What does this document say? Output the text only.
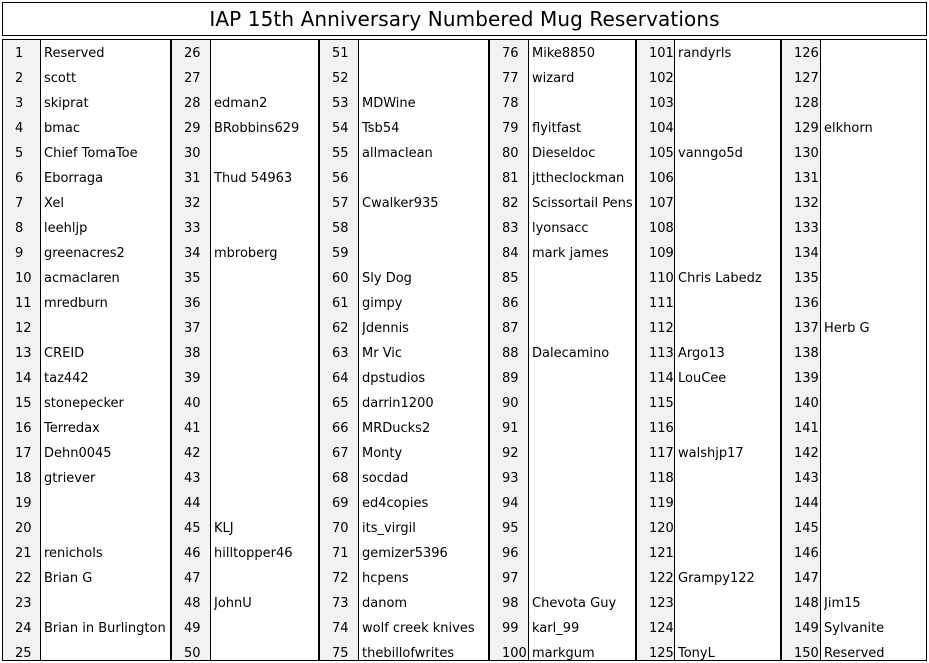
IAP 15th Anniversary Numbered Mug Reservations
1	Reserved
2	scott
3	skiprat
4	bmac
5	Chief TomaToe
6	Eborraga
7	Xel
8	leehljp
9	greenacres2
10 acmaclaren
11 mredburn
12
13 CREID
14 taz442
15 stonepecker
16 Terredax
17 Dehn0045
18 gtriever
19
20
21 renichols
22 Brian G
23
24 Brian in Burlington
25
26
27
28	edman2
29	BRobbins629
30
31	Thud 54963
32
33
34	mbroberg
35
36
37
38
39
40
41
42
43
44
45	KLJ
46	hilltopper46
47
48	JohnU
49
50
51
52
53	MDWine
54	Tsb54
55	allmaclean
56
57	Cwalker935
58
59
60	Sly Dog
61	gimpy
62	Jdennis
63	Mr Vic
64	dpstudios
65	darrin1200
66	MRDucks2
67	Monty
68	socdad
69	ed4copies
70	its_virgil
71	gemizer5396
72	hcpens
73	danom
74	wolf creek knives
75	thebillofwrites
76	Mike8850
77	wizard
78
79	flyitfast
80	Dieseldoc
81	jttheclockman
82	Scissortail Pens
83	lyonsacc
84	mark james
85
86
87
88	Dalecamino
89
90
91
92
93
94
95
96
97
98	Chevota Guy
99	karl_99
100 markgum
101 randyrls
102
103
104
105 vanngo5d
106
107
108
109
110 Chris Labedz
111
112
113 Argo13
114 LouCee
115
116
117 walshjp17
118
119
120
121
122 Grampy122
123
124
125 TonyL
126
127
128
129 elkhorn
130
131
132
133
134
135
136
137 Herb G
138
139
140
141
142
143
144
145
146
147
148 Jim15
149 Sylvanite
150 Reserved
